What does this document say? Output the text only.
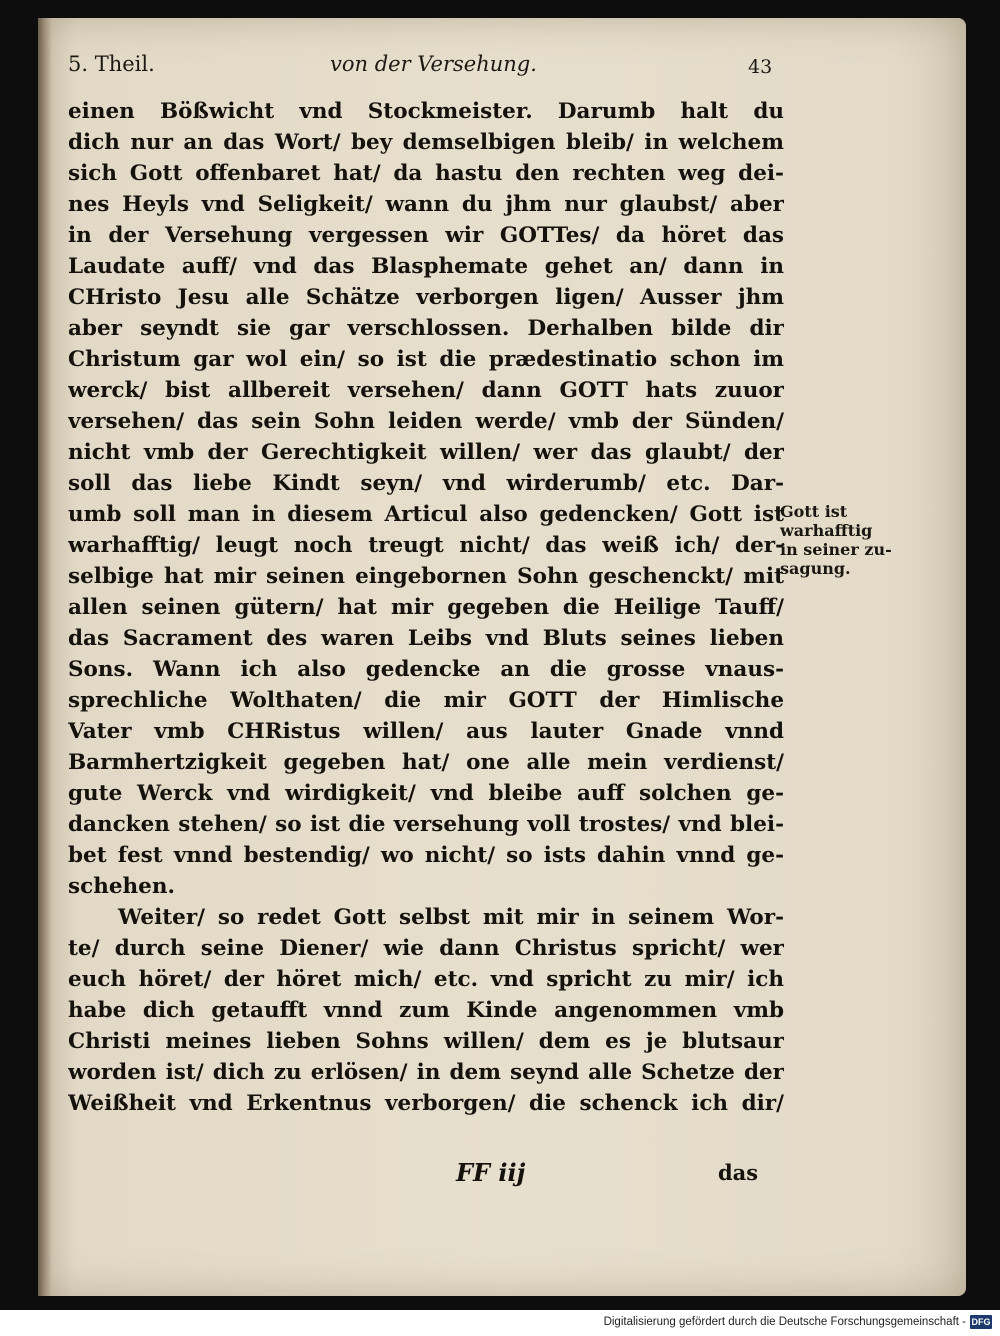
5. Theil.	von der Versehung.	43
einen Bößwicht vnd Stockmeister. Darumb halt du
dich nur an das Wort/ bey demselbigen bleib/ in welchem
sich Gott offenbaret hat/ da hastu den rechten weg dei-
nes Heyls vnd Seligkeit/ wann du jhm nur glaubst/ aber
in der Versehung vergessen wir GOTTes/ da höret das
Laudate auff/ vnd das Blasphemate gehet an/ dann in
CHristo Jesu alle Schätze verborgen ligen/ Ausser jhm
aber seyndt sie gar verschlossen. Derhalben bilde dir
Christum gar wol ein/ so ist die prædestinatio schon im
werck/ bist allbereit versehen/ dann GOTT hats zuuor
versehen/ das sein Sohn leiden werde/ vmb der Sünden/
nicht vmb der Gerechtigkeit willen/ wer das glaubt/ der
soll das liebe Kindt seyn/ vnd wirderumb/ etc. Dar-
umb soll man in diesem Articul also gedencken/ Gott ist
warhafftig/ leugt noch treugt nicht/ das weiß ich/ der-
selbige hat mir seinen eingebornen Sohn geschenckt/ mit
allen seinen gütern/ hat mir gegeben die Heilige Tauff/
das Sacrament des waren Leibs vnd Bluts seines lieben
Sons. Wann ich also gedencke an die grosse vnaus-
sprechliche Wolthaten/ die mir GOTT der Himlische
Vater vmb CHRistus willen/ aus lauter Gnade vnnd
Barmhertzigkeit gegeben hat/ one alle mein verdienst/
gute Werck vnd wirdigkeit/ vnd bleibe auff solchen ge-
dancken stehen/ so ist die versehung voll trostes/ vnd blei-
bet fest vnnd bestendig/ wo nicht/ so ists dahin vnnd ge-
schehen.
Weiter/ so redet Gott selbst mit mir in seinem Wor-
te/ durch seine Diener/ wie dann Christus spricht/ wer
euch höret/ der höret mich/ etc. vnd spricht zu mir/ ich
habe dich getaufft vnnd zum Kinde angenommen vmb
Christi meines lieben Sohns willen/ dem es je blutsaur
worden ist/ dich zu erlösen/ in dem seynd alle Schetze der
Weißheit vnd Erkentnus verborgen/ die schenck ich dir/
Gott ist
warhafftig
in seiner zu-
sagung.
FF iij	das
Digitalisierung gefördert durch die Deutsche Forschungsgemeinschaft - DFG
